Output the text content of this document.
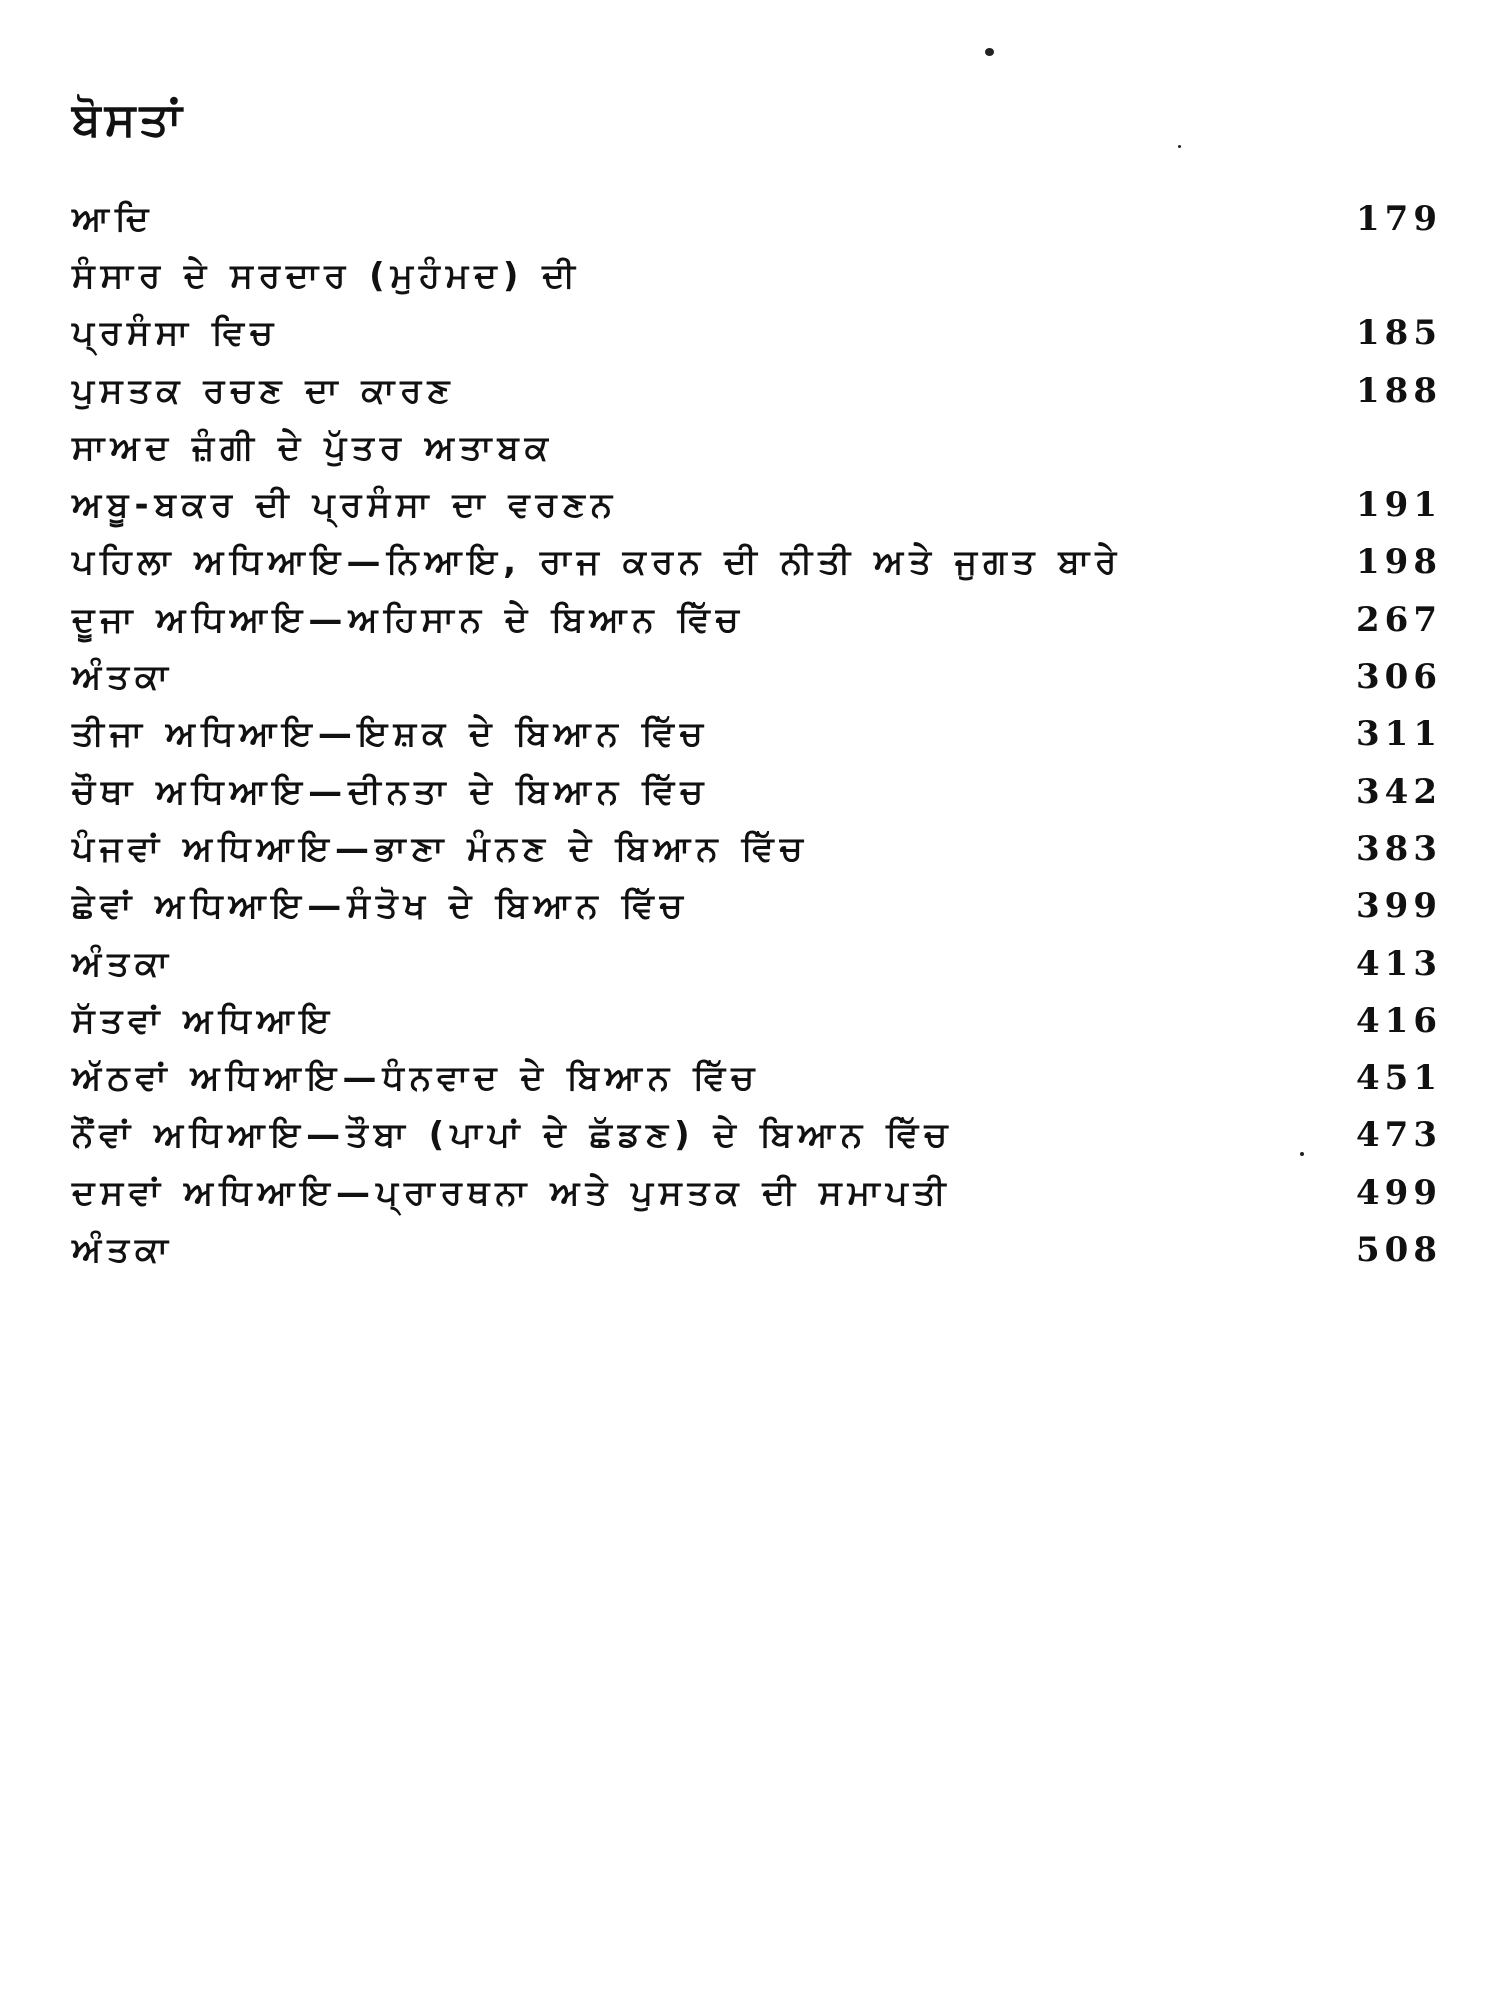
ਬੋਸਤਾਂ
ਆਦਿ	179
ਸੰਸਾਰ ਦੇ ਸਰਦਾਰ (ਮੁਹੰਮਦ) ਦੀ
ਪ੍ਰਸੰਸਾ ਵਿਚ	185
ਪੁਸਤਕ ਰਚਣ ਦਾ ਕਾਰਣ	188
ਸਾਅਦ ਜ਼ੰਗੀ ਦੇ ਪੁੱਤਰ ਅਤਾਬਕ
ਅਬੂ-ਬਕਰ ਦੀ ਪ੍ਰਸੰਸਾ ਦਾ ਵਰਣਨ	191
ਪਹਿਲਾ ਅਧਿਆਇ—ਨਿਆਇ, ਰਾਜ ਕਰਨ ਦੀ ਨੀਤੀ ਅਤੇ ਜੁਗਤ ਬਾਰੇ	198
ਦੂਜਾ ਅਧਿਆਇ—ਅਹਿਸਾਨ ਦੇ ਬਿਆਨ ਵਿੱਚ	267
ਅੰਤਕਾ	306
ਤੀਜਾ ਅਧਿਆਇ—ਇਸ਼ਕ ਦੇ ਬਿਆਨ ਵਿੱਚ	311
ਚੌਥਾ ਅਧਿਆਇ—ਦੀਨਤਾ ਦੇ ਬਿਆਨ ਵਿੱਚ	342
ਪੰਜਵਾਂ ਅਧਿਆਇ—ਭਾਣਾ ਮੰਨਣ ਦੇ ਬਿਆਨ ਵਿੱਚ	383
ਛੇਵਾਂ ਅਧਿਆਇ—ਸੰਤੋਖ ਦੇ ਬਿਆਨ ਵਿੱਚ	399
ਅੰਤਕਾ	413
ਸੱਤਵਾਂ ਅਧਿਆਇ	416
ਅੱਠਵਾਂ ਅਧਿਆਇ—ਧੰਨਵਾਦ ਦੇ ਬਿਆਨ ਵਿੱਚ	451
ਨੌਂਵਾਂ ਅਧਿਆਇ—ਤੌਬਾ (ਪਾਪਾਂ ਦੇ ਛੱਡਣ) ਦੇ ਬਿਆਨ ਵਿੱਚ	473
ਦਸਵਾਂ ਅਧਿਆਇ—ਪ੍ਰਾਰਥਨਾ ਅਤੇ ਪੁਸਤਕ ਦੀ ਸਮਾਪਤੀ	499
ਅੰਤਕਾ	508
